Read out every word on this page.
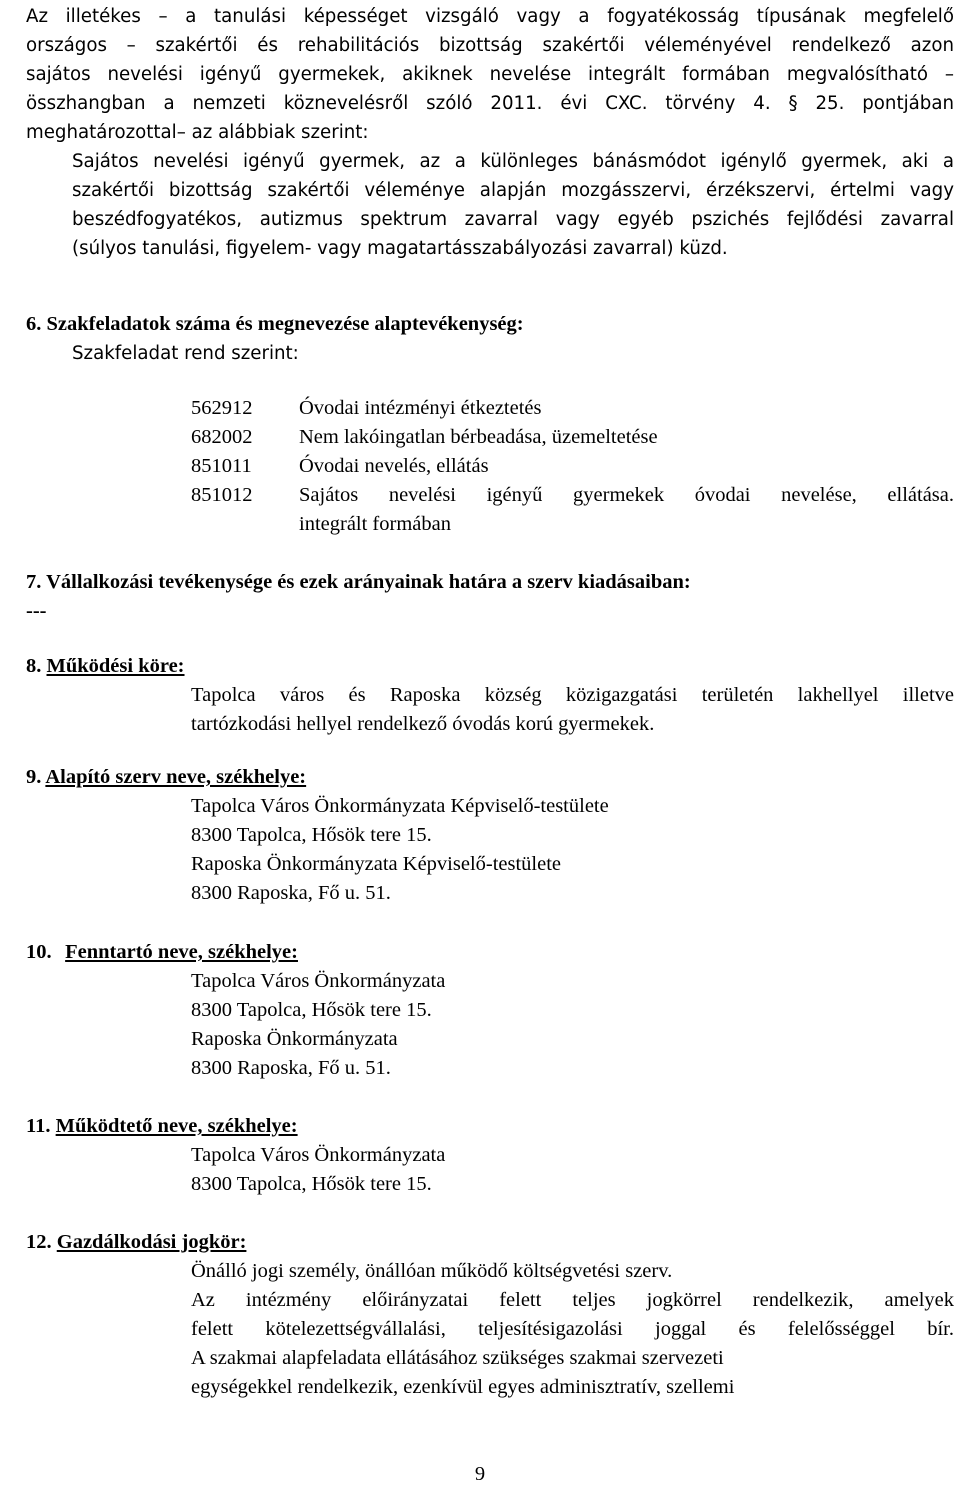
Az illetékes – a tanulási képességet vizsgáló vagy a fogyatékosság típusának megfelelő
országos – szakértői és rehabilitációs bizottság szakértői véleményével rendelkező azon
sajátos nevelési igényű gyermekek, akiknek nevelése integrált formában megvalósítható –
összhangban a nemzeti köznevelésről szóló 2011. évi CXC. törvény 4. § 25. pontjában
meghatározottal– az alábbiak szerint:
Sajátos nevelési igényű gyermek, az a különleges bánásmódot igénylő gyermek, aki a
szakértői bizottság szakértői véleménye alapján mozgásszervi, érzékszervi, értelmi vagy
beszédfogyatékos, autizmus spektrum zavarral vagy egyéb pszichés fejlődési zavarral
(súlyos tanulási, figyelem- vagy magatartásszabályozási zavarral) küzd.
6. Szakfeladatok száma és megnevezése alaptevékenység:
Szakfeladat rend szerint:
562912 Óvodai intézményi étkeztetés
682002 Nem lakóingatlan bérbeadása, üzemeltetése
851011 Óvodai nevelés, ellátás
851012	Sajátos nevelési igényű gyermekek óvodai nevelése, ellátása.
integrált formában
7. Vállalkozási tevékenysége és ezek arányainak határa a szerv kiadásaiban:
---
8. Működési köre:
Tapolca város és Raposka község közigazgatási területén lakhellyel illetve
tartózkodási hellyel rendelkező óvodás korú gyermekek.
9. Alapító szerv neve, székhelye:
Tapolca Város Önkormányzata Képviselő-testülete
8300 Tapolca, Hősök tere 15.
Raposka Önkormányzata Képviselő-testülete
8300 Raposka, Fő u. 51.
10. Fenntartó neve, székhelye:
Tapolca Város Önkormányzata
8300 Tapolca, Hősök tere 15.
Raposka Önkormányzata
8300 Raposka, Fő u. 51.
11. Működtető neve, székhelye:
Tapolca Város Önkormányzata
8300 Tapolca, Hősök tere 15.
12. Gazdálkodási jogkör:
Önálló jogi személy, önállóan működő költségvetési szerv.
Az intézmény előirányzatai felett teljes jogkörrel rendelkezik, amelyek
felett kötelezettségvállalási, teljesítésigazolási joggal és felelősséggel bír.
A szakmai alapfeladata ellátásához szükséges szakmai szervezeti
egységekkel rendelkezik, ezenkívül egyes adminisztratív, szellemi
9
